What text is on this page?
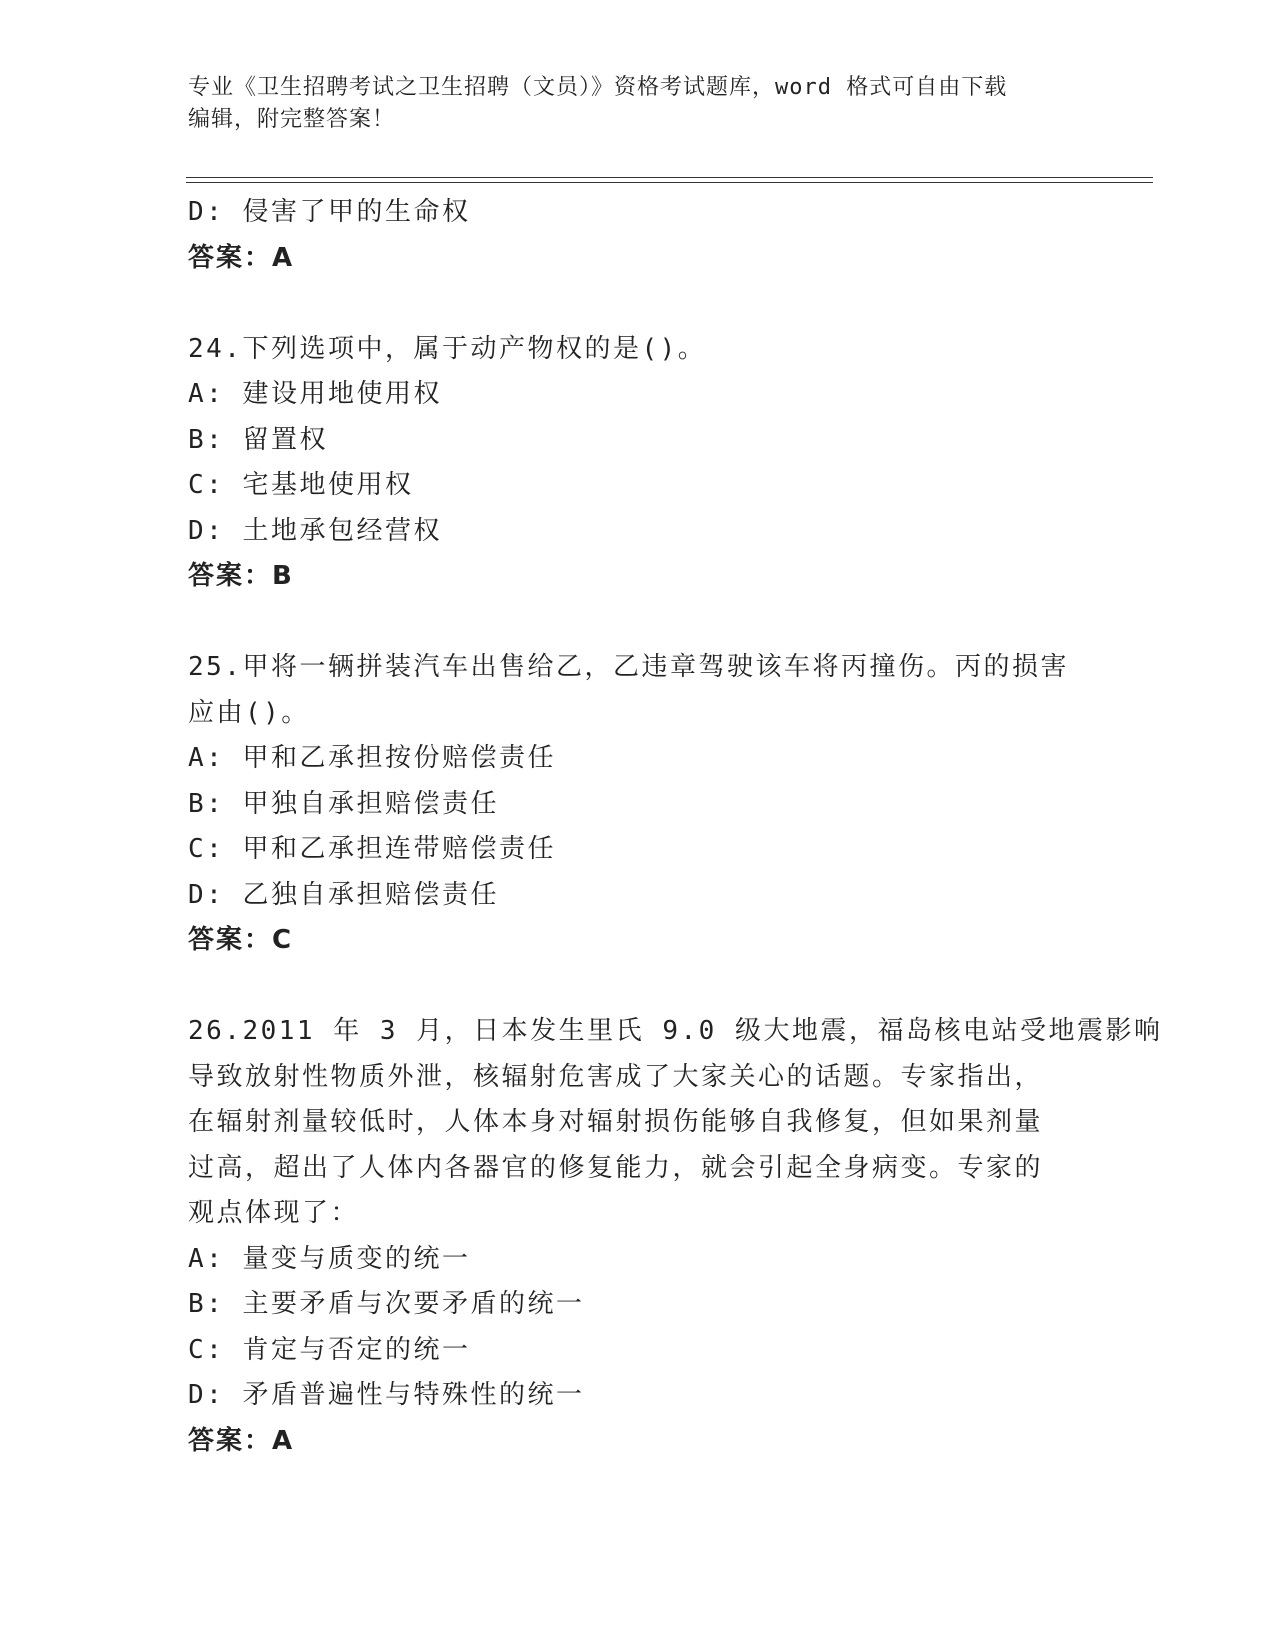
专业《卫生招聘考试之卫生招聘（文员）》资格考试题库，word 格式可自由下载

编辑，附完整答案！

D: 侵害了甲的生命权
答案：A
24.下列选项中，属于动产物权的是()。
A: 建设用地使用权
B: 留置权
C: 宅基地使用权
D: 土地承包经营权
答案：B
25.甲将一辆拼装汽车出售给乙，乙违章驾驶该车将丙撞伤。丙的损害
应由()。
A: 甲和乙承担按份赔偿责任
B: 甲独自承担赔偿责任
C: 甲和乙承担连带赔偿责任
D: 乙独自承担赔偿责任
答案：C
26.2011 年 3 月，日本发生里氏 9.0 级大地震，福岛核电站受地震影响
导致放射性物质外泄，核辐射危害成了大家关心的话题。专家指出，
在辐射剂量较低时，人体本身对辐射损伤能够自我修复，但如果剂量
过高，超出了人体内各器官的修复能力，就会引起全身病变。专家的
观点体现了：
A: 量变与质变的统一
B: 主要矛盾与次要矛盾的统一
C: 肯定与否定的统一
D: 矛盾普遍性与特殊性的统一
答案：A
